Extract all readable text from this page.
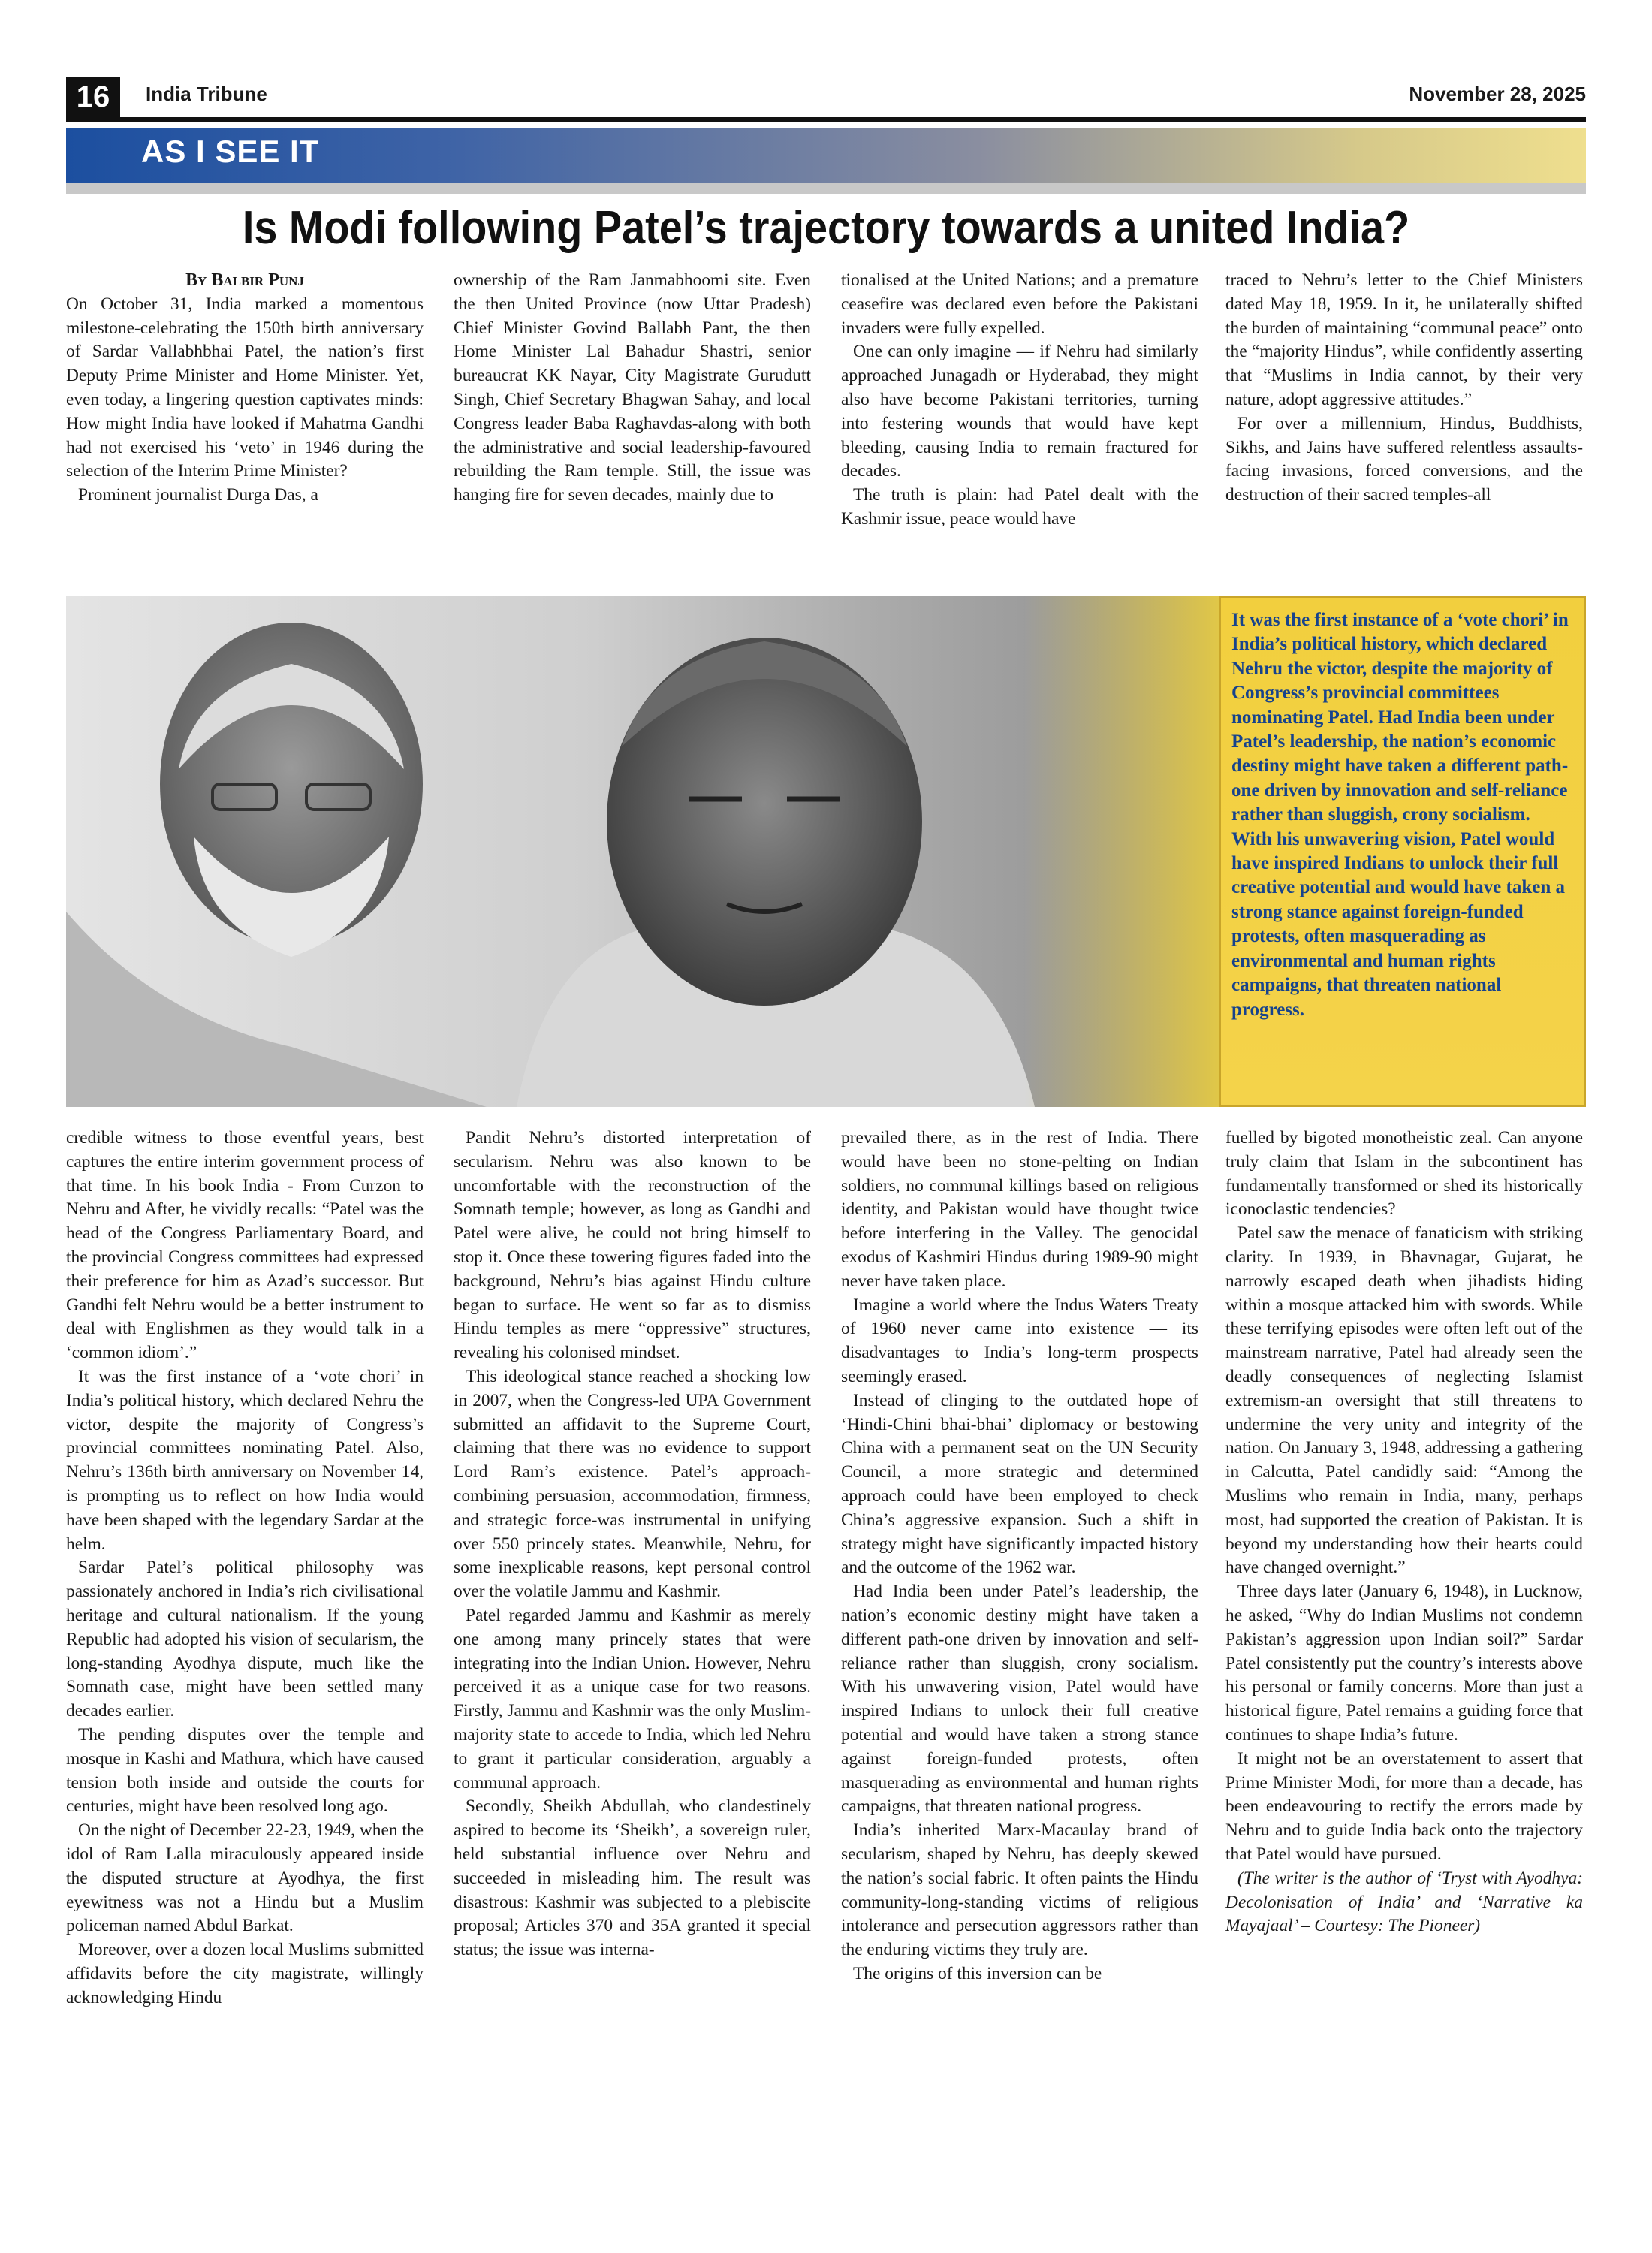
16	India Tribune	November 28, 2025
AS I SEE IT
Is Modi following Patel’s trajectory towards a united India?
By Balbir Punj

On October 31, India marked a momentous milestone-celebrating the 150th birth anniversary of Sardar Vallabhbhai Patel, the nation’s first Deputy Prime Minister and Home Minister. Yet, even today, a lingering question captivates minds: How might India have looked if Mahatma Gandhi had not exercised his ‘veto’ in 1946 during the selection of the Interim Prime Minister?

Prominent journalist Durga Das, a

ownership of the Ram Janmabhoomi site. Even the then United Province (now Uttar Pradesh) Chief Minister Govind Ballabh Pant, the then Home Minister Lal Bahadur Shastri, senior bureaucrat KK Nayar, City Magistrate Gurudutt Singh, Chief Secretary Bhagwan Sahay, and local Congress leader Baba Raghavdas-along with both the administrative and social leadership-favoured rebuilding the Ram temple. Still, the issue was hanging fire for seven decades, mainly due to

tionalised at the United Nations; and a premature ceasefire was declared even before the Pakistani invaders were fully expelled.

One can only imagine — if Nehru had similarly approached Junagadh or Hyderabad, they might also have become Pakistani territories, turning into festering wounds that would have kept bleeding, causing India to remain fractured for decades.

The truth is plain: had Patel dealt with the Kashmir issue, peace would have

traced to Nehru’s letter to the Chief Ministers dated May 18, 1959. In it, he unilaterally shifted the burden of maintaining “communal peace” onto the “majority Hindus”, while confidently asserting that “Muslims in India cannot, by their very nature, adopt aggressive attitudes.”

For over a millennium, Hindus, Buddhists, Sikhs, and Jains have suffered relentless assaults-facing invasions, forced conversions, and the destruction of their sacred temples-all

It was the first instance of a ‘vote chori’ in India’s political history, which declared Nehru the victor, despite the majority of Congress’s provincial committees nominating Patel. Had India been under Patel’s leadership, the nation’s economic destiny might have taken a different path-one driven by innovation and self-reliance rather than sluggish, crony socialism. With his unwavering vision, Patel would have inspired Indians to unlock their full creative potential and would have taken a strong stance against foreign-funded protests, often masquerading as environmental and human rights campaigns, that threaten national progress.

credible witness to those eventful years, best captures the entire interim government process of that time. In his book India - From Curzon to Nehru and After, he vividly recalls: “Patel was the head of the Congress Parliamentary Board, and the provincial Congress committees had expressed their preference for him as Azad’s successor. But Gandhi felt Nehru would be a better instrument to deal with Englishmen as they would talk in a ‘common idiom’.”

It was the first instance of a ‘vote chori’ in India’s political history, which declared Nehru the victor, despite the majority of Congress’s provincial committees nominating Patel. Also, Nehru’s 136th birth anniversary on November 14, is prompting us to reflect on how India would have been shaped with the legendary Sardar at the helm.

Sardar Patel’s political philosophy was passionately anchored in India’s rich civilisational heritage and cultural nationalism. If the young Republic had adopted his vision of secularism, the long-standing Ayodhya dispute, much like the Somnath case, might have been settled many decades earlier.

The pending disputes over the temple and mosque in Kashi and Mathura, which have caused tension both inside and outside the courts for centuries, might have been resolved long ago.

On the night of December 22-23, 1949, when the idol of Ram Lalla miraculously appeared inside the disputed structure at Ayodhya, the first eyewitness was not a Hindu but a Muslim policeman named Abdul Barkat.

Moreover, over a dozen local Muslims submitted affidavits before the city magistrate, willingly acknowledging Hindu

Pandit Nehru’s distorted interpretation of secularism. Nehru was also known to be uncomfortable with the reconstruction of the Somnath temple; however, as long as Gandhi and Patel were alive, he could not bring himself to stop it. Once these towering figures faded into the background, Nehru’s bias against Hindu culture began to surface. He went so far as to dismiss Hindu temples as mere “oppressive” structures, revealing his colonised mindset.

This ideological stance reached a shocking low in 2007, when the Congress-led UPA Government submitted an affidavit to the Supreme Court, claiming that there was no evidence to support Lord Ram’s existence. Patel’s approach-combining persuasion, accommodation, firmness, and strategic force-was instrumental in unifying over 550 princely states. Meanwhile, Nehru, for some inexplicable reasons, kept personal control over the volatile Jammu and Kashmir.

Patel regarded Jammu and Kashmir as merely one among many princely states that were integrating into the Indian Union. However, Nehru perceived it as a unique case for two reasons. Firstly, Jammu and Kashmir was the only Muslim-majority state to accede to India, which led Nehru to grant it particular consideration, arguably a communal approach.

Secondly, Sheikh Abdullah, who clandestinely aspired to become its ‘Sheikh’, a sovereign ruler, held substantial influence over Nehru and succeeded in misleading him. The result was disastrous: Kashmir was subjected to a plebiscite proposal; Articles 370 and 35A granted it special status; the issue was interna-

prevailed there, as in the rest of India. There would have been no stone-pelting on Indian soldiers, no communal killings based on religious identity, and Pakistan would have thought twice before interfering in the Valley. The genocidal exodus of Kashmiri Hindus during 1989-90 might never have taken place.

Imagine a world where the Indus Waters Treaty of 1960 never came into existence — its disadvantages to India’s long-term prospects seemingly erased.

Instead of clinging to the outdated hope of ‘Hindi-Chini bhai-bhai’ diplomacy or bestowing China with a permanent seat on the UN Security Council, a more strategic and determined approach could have been employed to check China’s aggressive expansion. Such a shift in strategy might have significantly impacted history and the outcome of the 1962 war.

Had India been under Patel’s leadership, the nation’s economic destiny might have taken a different path-one driven by innovation and self-reliance rather than sluggish, crony socialism. With his unwavering vision, Patel would have inspired Indians to unlock their full creative potential and would have taken a strong stance against foreign-funded protests, often masquerading as environmental and human rights campaigns, that threaten national progress.

India’s inherited Marx-Macaulay brand of secularism, shaped by Nehru, has deeply skewed the nation’s social fabric. It often paints the Hindu community-long-standing victims of religious intolerance and persecution aggressors rather than the enduring victims they truly are.

The origins of this inversion can be

fuelled by bigoted monotheistic zeal. Can anyone truly claim that Islam in the subcontinent has fundamentally transformed or shed its historically iconoclastic tendencies?

Patel saw the menace of fanaticism with striking clarity. In 1939, in Bhavnagar, Gujarat, he narrowly escaped death when jihadists hiding within a mosque attacked him with swords. While these terrifying episodes were often left out of the mainstream narrative, Patel had already seen the deadly consequences of neglecting Islamist extremism-an oversight that still threatens to undermine the very unity and integrity of the nation. On January 3, 1948, addressing a gathering in Calcutta, Patel candidly said: “Among the Muslims who remain in India, many, perhaps most, had supported the creation of Pakistan. It is beyond my understanding how their hearts could have changed overnight.”

Three days later (January 6, 1948), in Lucknow, he asked, “Why do Indian Muslims not condemn Pakistan’s aggression upon Indian soil?” Sardar Patel consistently put the country’s interests above his personal or family concerns. More than just a historical figure, Patel remains a guiding force that continues to shape India’s future.

It might not be an overstatement to assert that Prime Minister Modi, for more than a decade, has been endeavouring to rectify the errors made by Nehru and to guide India back onto the trajectory that Patel would have pursued.

(The writer is the author of ‘Tryst with Ayodhya: Decolonisation of India’ and ‘Narrative ka Mayajaal’ – Courtesy: The Pioneer)
